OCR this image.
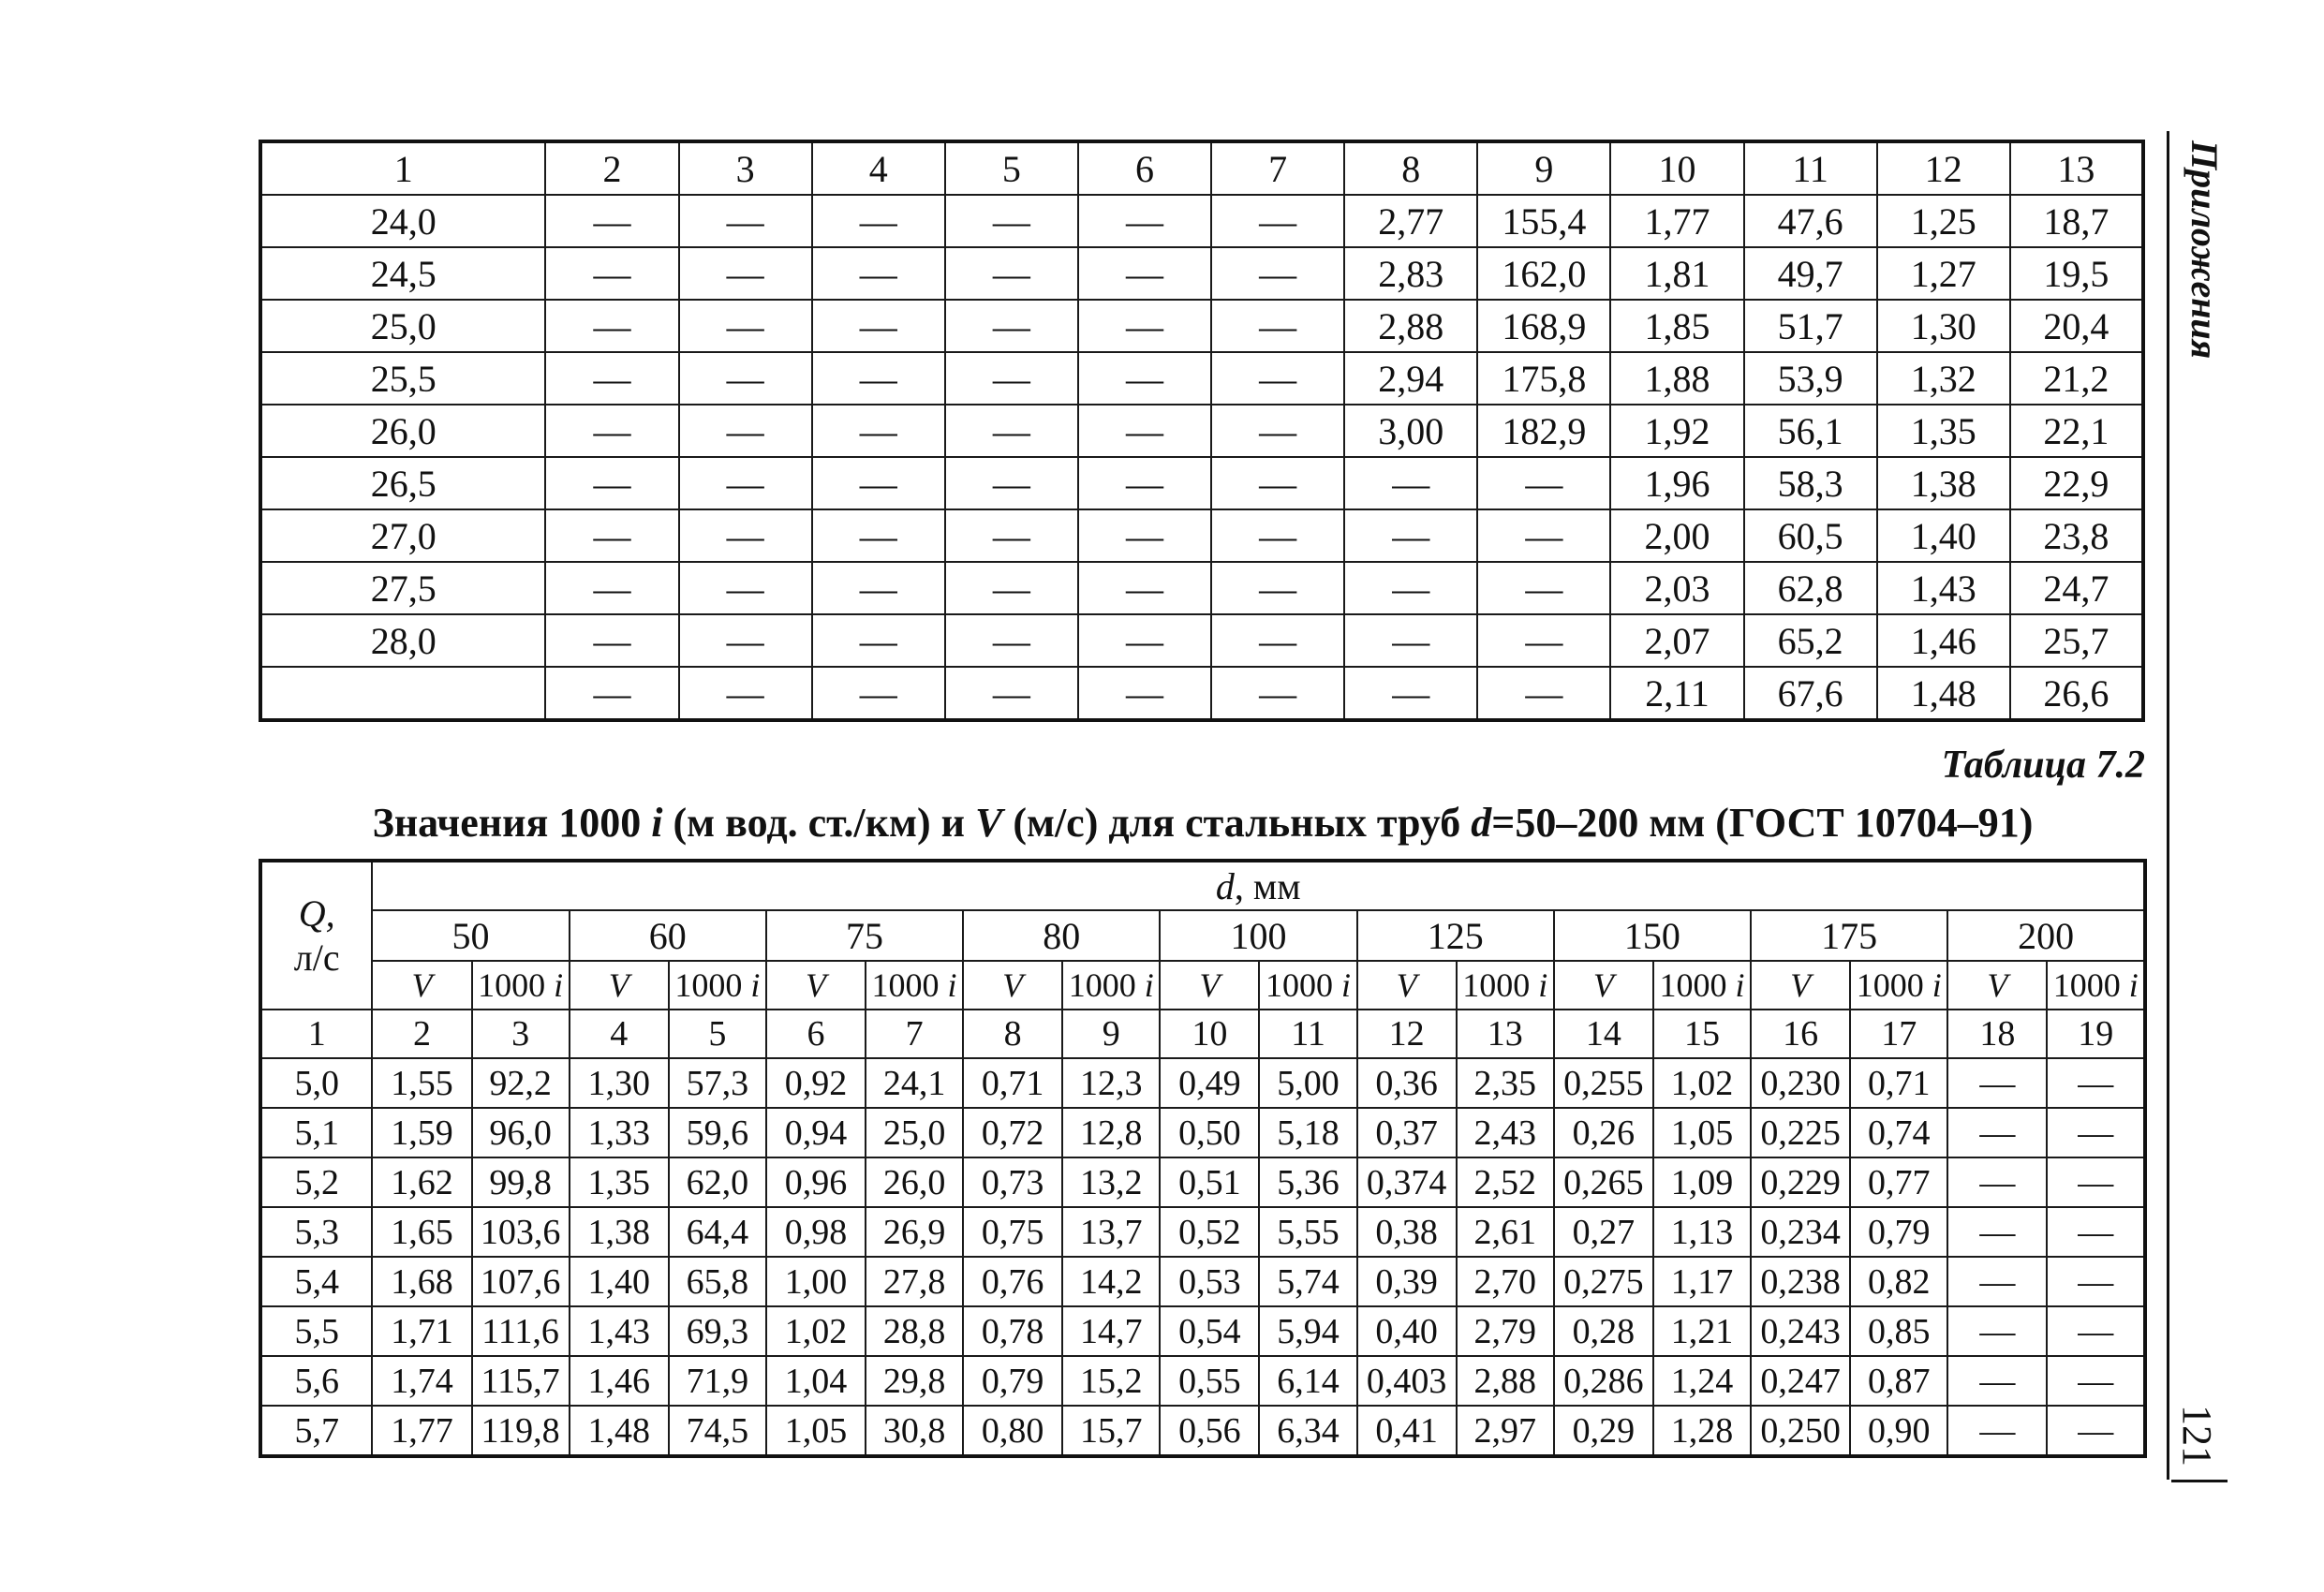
Приложения
121
1	2	3	4	5	6	7	8	9	10	11	12	13
24,0	—	—	—	—	—	—	2,77	155,4	1,77	47,6	1,25	18,7
24,5	—	—	—	—	—	—	2,83	162,0	1,81	49,7	1,27	19,5
25,0	—	—	—	—	—	—	2,88	168,9	1,85	51,7	1,30	20,4
25,5	—	—	—	—	—	—	2,94	175,8	1,88	53,9	1,32	21,2
26,0	—	—	—	—	—	—	3,00	182,9	1,92	56,1	1,35	22,1
26,5	—	—	—	—	—	—	—	—	1,96	58,3	1,38	22,9
27,0	—	—	—	—	—	—	—	—	2,00	60,5	1,40	23,8
27,5	—	—	—	—	—	—	—	—	2,03	62,8	1,43	24,7
28,0	—	—	—	—	—	—	—	—	2,07	65,2	1,46	25,7
	—	—	—	—	—	—	—	—	2,11	67,6	1,48	26,6
Таблица 7.2
Значения 1000 i (м вод. ст./км) и V (м/с) для стальных труб d=50–200 мм (ГОСТ 10704–91)
Q,
л/с	d, мм																	
	50		60		75		80		100		125		150		175		200	
	V	1000 i	V	1000 i	V	1000 i	V	1000 i	V	1000 i	V	1000 i	V	1000 i	V	1000 i	V	1000 i
1	2	3	4	5	6	7	8	9	10	11	12	13	14	15	16	17	18	19
5,0	1,55	92,2	1,30	57,3	0,92	24,1	0,71	12,3	0,49	5,00	0,36	2,35	0,255	1,02	0,230	0,71	—	—
5,1	1,59	96,0	1,33	59,6	0,94	25,0	0,72	12,8	0,50	5,18	0,37	2,43	0,26	1,05	0,225	0,74	—	—
5,2	1,62	99,8	1,35	62,0	0,96	26,0	0,73	13,2	0,51	5,36	0,374	2,52	0,265	1,09	0,229	0,77	—	—
5,3	1,65	103,6	1,38	64,4	0,98	26,9	0,75	13,7	0,52	5,55	0,38	2,61	0,27	1,13	0,234	0,79	—	—
5,4	1,68	107,6	1,40	65,8	1,00	27,8	0,76	14,2	0,53	5,74	0,39	2,70	0,275	1,17	0,238	0,82	—	—
5,5	1,71	111,6	1,43	69,3	1,02	28,8	0,78	14,7	0,54	5,94	0,40	2,79	0,28	1,21	0,243	0,85	—	—
5,6	1,74	115,7	1,46	71,9	1,04	29,8	0,79	15,2	0,55	6,14	0,403	2,88	0,286	1,24	0,247	0,87	—	—
5,7	1,77	119,8	1,48	74,5	1,05	30,8	0,80	15,7	0,56	6,34	0,41	2,97	0,29	1,28	0,250	0,90	—	—
